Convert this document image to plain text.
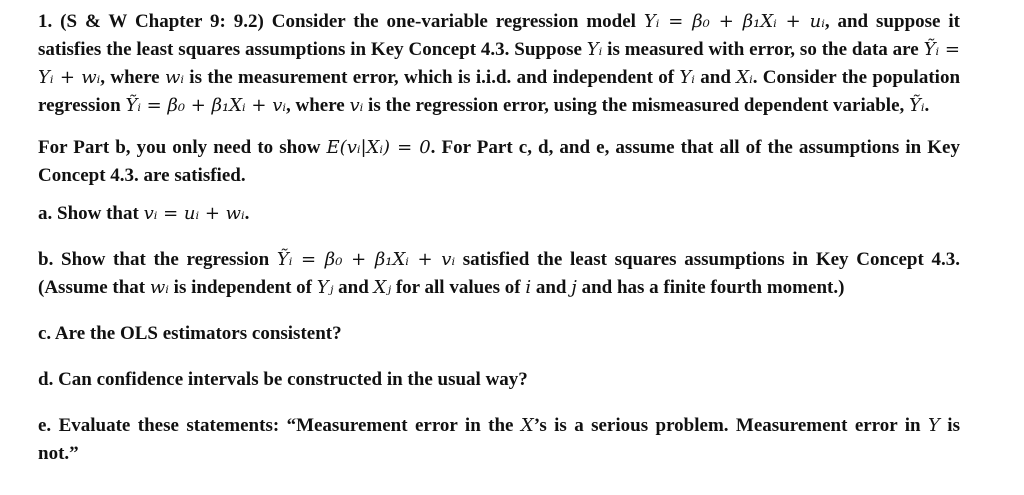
1. (S & W Chapter 9: 9.2) Consider the one-variable regression model Yᵢ = β₀ + β₁Xᵢ + uᵢ, and suppose it satisfies the least squares assumptions in Key Concept 4.3. Suppose Yᵢ is measured with error, so the data are Ỹᵢ = Yᵢ + wᵢ, where wᵢ is the measurement error, which is i.i.d. and independent of Yᵢ and Xᵢ. Consider the population regression Ỹᵢ = β₀ + β₁Xᵢ + vᵢ, where vᵢ is the regression error, using the mismeasured dependent variable, Ỹᵢ.

For Part b, you only need to show E(vᵢ|Xᵢ) = 0. For Part c, d, and e, assume that all of the assumptions in Key Concept 4.3. are satisfied.

a. Show that vᵢ = uᵢ + wᵢ.

b. Show that the regression Ỹᵢ = β₀ + β₁Xᵢ + vᵢ satisfied the least squares assumptions in Key Concept 4.3. (Assume that wᵢ is independent of Yⱼ and Xⱼ for all values of i and j and has a finite fourth moment.)

c. Are the OLS estimators consistent?

d. Can confidence intervals be constructed in the usual way?

e. Evaluate these statements: “Measurement error in the X’s is a serious problem. Measurement error in Y is not.”
